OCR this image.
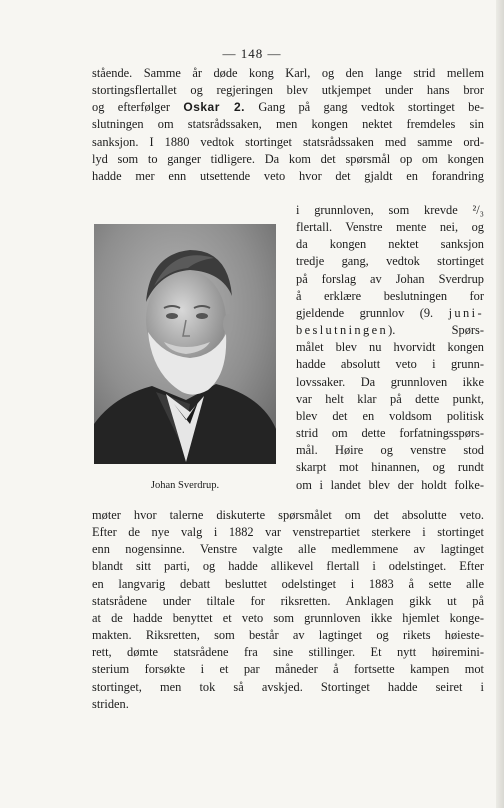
— 148 —

stående. Samme år døde kong Karl, og den lange strid mellem

stortingsflertallet og regjeringen blev utkjempet under hans bror

og efterfølger Oskar 2. Gang på gang vedtok stortinget be-

slutningen om statsrådssaken, men kongen nektet fremdeles sin

sanksjon. I 1880 vedtok stortinget statsrådssaken med samme ord-

lyd som to ganger tidligere. Da kom det spørsmål op om kongen

hadde mer enn utsettende veto hvor det gjaldt en forandring

Johan Sverdrup.

i grunnloven, som krevde ²/₃

flertall. Venstre mente nei, og

da kongen nektet sanksjon

tredje gang, vedtok stortinget

på forslag av Johan Sverdrup

å erklære beslutningen for

gjeldende grunnlov (9. juni-

beslutningen). Spørs-

målet blev nu hvorvidt kongen

hadde absolutt veto i grunn-

lovssaker. Da grunnloven ikke

var helt klar på dette punkt,

blev det en voldsom politisk

strid om dette forfatningsspørs-

mål. Høire og venstre stod

skarpt mot hinannen, og rundt

om i landet blev der holdt folke-

møter hvor talerne diskuterte spørsmålet om det absolutte veto.

Efter de nye valg i 1882 var venstrepartiet sterkere i stortinget

enn nogensinne. Venstre valgte alle medlemmene av lagtinget

blandt sitt parti, og hadde allikevel flertall i odelstinget. Efter

en langvarig debatt besluttet odelstinget i 1883 å sette alle

statsrådene under tiltale for riksretten. Anklagen gikk ut på

at de hadde benyttet et veto som grunnloven ikke hjemlet konge-

makten. Riksretten, som består av lagtinget og rikets høieste-

rett, dømte statsrådene fra sine stillinger. Et nytt høiremini-

sterium forsøkte i et par måneder å fortsette kampen mot

stortinget, men tok så avskjed. Stortinget hadde seiret i

striden.
